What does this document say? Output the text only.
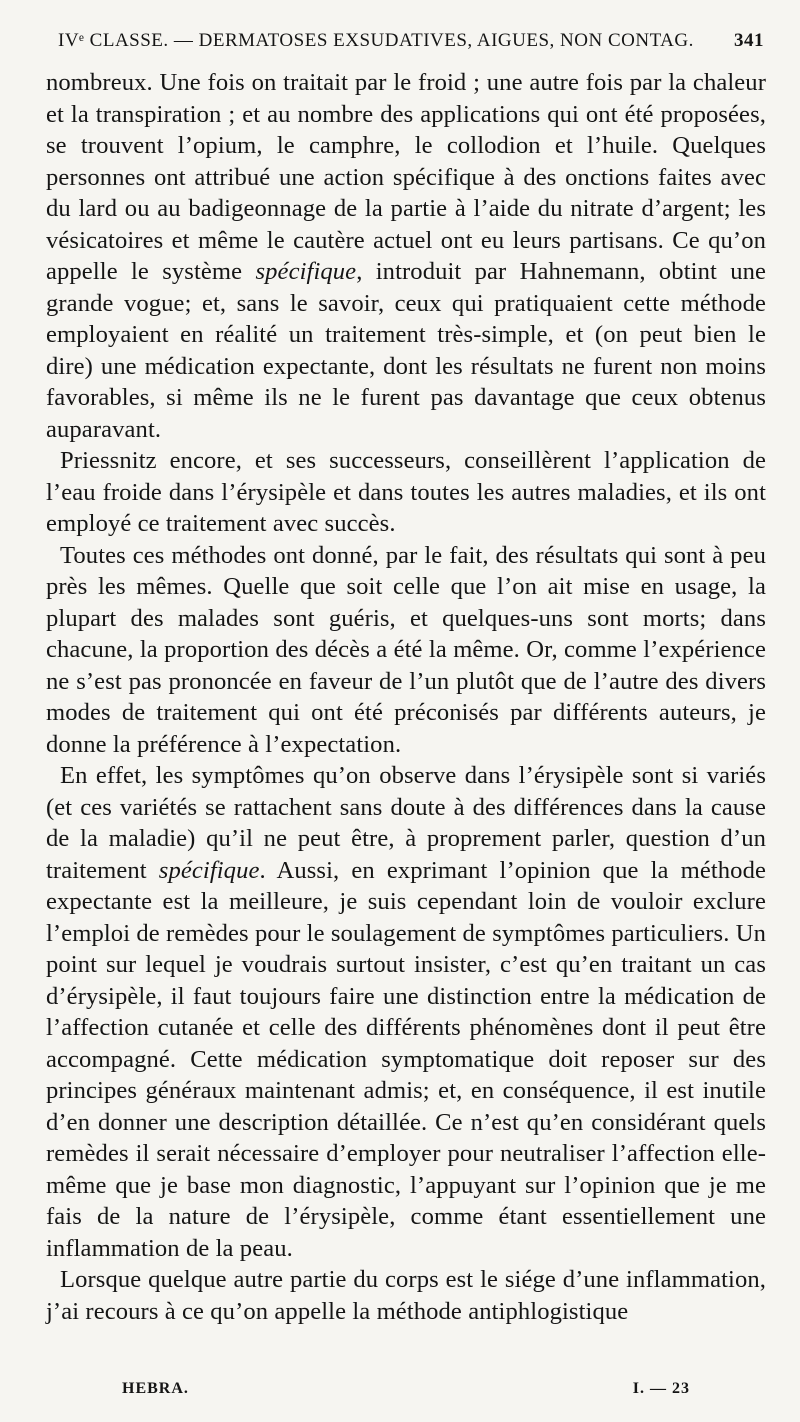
IVᵉ CLASSE. — DERMATOSES EXSUDATIVES, AIGUES, NON CONTAG. 341

nombreux. Une fois on traitait par le froid ; une autre fois par la chaleur et la transpiration ; et au nombre des applications qui ont été proposées, se trouvent l’opium, le camphre, le collodion et l’huile. Quelques personnes ont attribué une action spécifique à des onctions faites avec du lard ou au badigeonnage de la partie à l’aide du nitrate d’argent; les vésicatoires et même le cautère actuel ont eu leurs partisans. Ce qu’on appelle le système spécifique, introduit par Hahnemann, obtint une grande vogue; et, sans le savoir, ceux qui pratiquaient cette méthode employaient en réalité un traitement très-simple, et (on peut bien le dire) une médication expectante, dont les résultats ne furent non moins favorables, si même ils ne le furent pas davantage que ceux obtenus auparavant.

Priessnitz encore, et ses successeurs, conseillèrent l’application de l’eau froide dans l’érysipèle et dans toutes les autres maladies, et ils ont employé ce traitement avec succès.

Toutes ces méthodes ont donné, par le fait, des résultats qui sont à peu près les mêmes. Quelle que soit celle que l’on ait mise en usage, la plupart des malades sont guéris, et quelques-uns sont morts; dans chacune, la proportion des décès a été la même. Or, comme l’expérience ne s’est pas prononcée en faveur de l’un plutôt que de l’autre des divers modes de traitement qui ont été préconisés par différents auteurs, je donne la préférence à l’expectation.

En effet, les symptômes qu’on observe dans l’érysipèle sont si variés (et ces variétés se rattachent sans doute à des différences dans la cause de la maladie) qu’il ne peut être, à proprement parler, question d’un traitement spécifique. Aussi, en exprimant l’opinion que la méthode expectante est la meilleure, je suis cependant loin de vouloir exclure l’emploi de remèdes pour le soulagement de symptômes particuliers. Un point sur lequel je voudrais surtout insister, c’est qu’en traitant un cas d’érysipèle, il faut toujours faire une distinction entre la médication de l’affection cutanée et celle des différents phénomènes dont il peut être accompagné. Cette médication symptomatique doit reposer sur des principes généraux maintenant admis; et, en conséquence, il est inutile d’en donner une description détaillée. Ce n’est qu’en considérant quels remèdes il serait nécessaire d’employer pour neutraliser l’affection elle-même que je base mon diagnostic, l’appuyant sur l’opinion que je me fais de la nature de l’érysipèle, comme étant essentiellement une inflammation de la peau.

Lorsque quelque autre partie du corps est le siége d’une inflammation, j’ai recours à ce qu’on appelle la méthode antiphlogistique

HEBRA.	I. — 23
